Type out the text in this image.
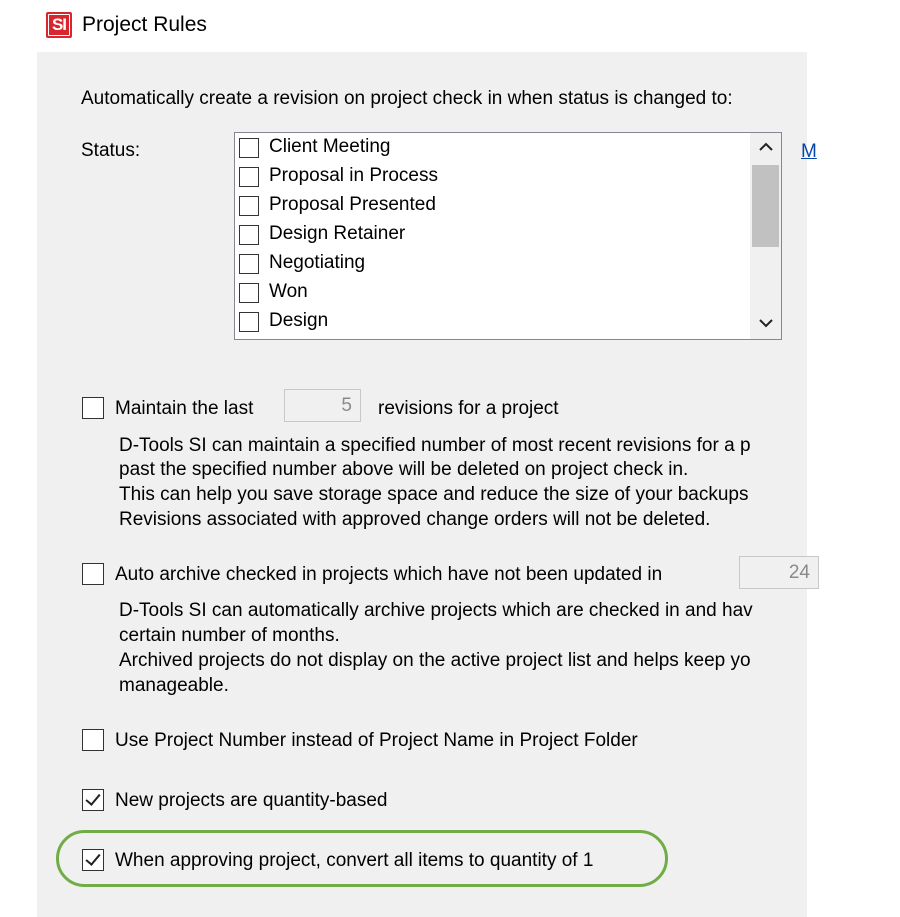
SI Project Rules
Automatically create a revision on project check in when status is changed to:
Status:	Client Meeting
Proposal in Process
Proposal Presented
Design Retainer
Negotiating
Won
Design
M
Maintain the last	5	revisions for a project
D-Tools SI can maintain a specified number of most recent revisions for a p
past the specified number above will be deleted on project check in.
This can help you save storage space and reduce the size of your backups
Revisions associated with approved change orders will not be deleted.
Auto archive checked in projects which have not been updated in	24
D-Tools SI can automatically archive projects which are checked in and hav
certain number of months.
Archived projects do not display on the active project list and helps keep yo
manageable.
Use Project Number instead of Project Name in Project Folder
New projects are quantity-based
When approving project, convert all items to quantity of 1
